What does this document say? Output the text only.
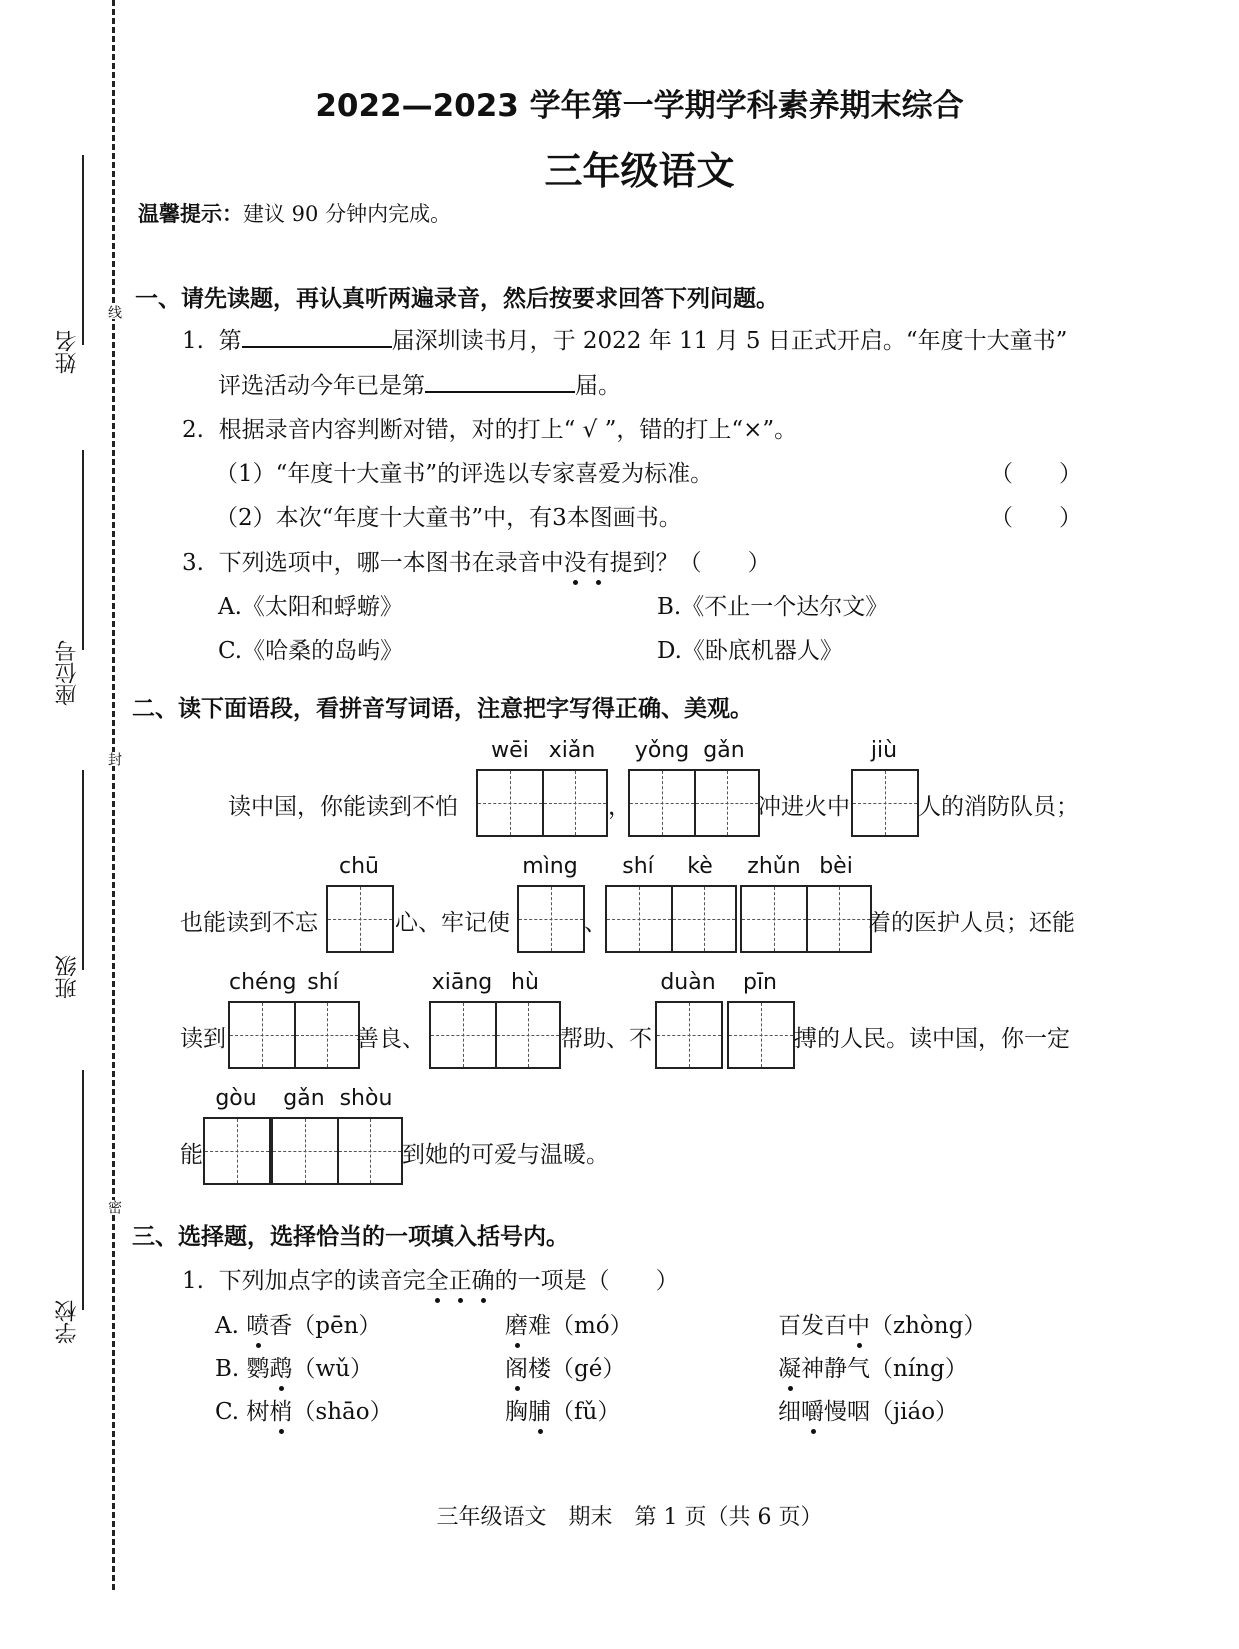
线
封
密
姓名
座位号
班级
学校
2022—2023 学年第一学期学科素养期末综合
三年级语文
温馨提示：建议 90 分钟内完成。
一、请先读题，再认真听两遍录音，然后按要求回答下列问题。
1. 第	届深圳读书月，于 2022 年 11 月 5 日正式开启。“年度十大童书”
评选活动今年已是第	届。
2. 根据录音内容判断对错，对的打上“ √ ”，错的打上“×”。
（1）“年度十大童书”的评选以专家喜爱为标准。	（　　）
（2）本次“年度十大童书”中，有3本图画书。	（　　）
3. 下列选项中，哪一本图书在录音中没有提到？（　　）
A.《太阳和蜉蝣》	B.《不止一个达尔文》
C.《哈桑的岛屿》	D.《卧底机器人》
二、读下面语段，看拼音写词语，注意把字写得正确、美观。
wēi xiǎn	yǒng gǎn	jiù
读中国，你能读到不怕	，	冲进火中	人的消防队员；
chū	mìng	shí	kè	zhǔn bèi
也能读到不忘	心、牢记使	、	着的医护人员；还能
chéng shí	xiāng hù	duàn	pīn
读到	善良、	帮助、不	搏的人民。读中国，你一定
gòu	gǎn shòu
能	到她的可爱与温暖。
三、选择题，选择恰当的一项填入括号内。
1. 下列加点字的读音完全正确的一项是（　　）
A. 喷香（pēn）	磨难（mó）	百发百中（zhòng）
B. 鹦鹉（wǔ）	阁楼（gé）	凝神静气（níng）
C. 树梢（shāo）	胸脯（fǔ）	细嚼慢咽（jiáo）
三年级语文　期末　第 1 页（共 6 页）
